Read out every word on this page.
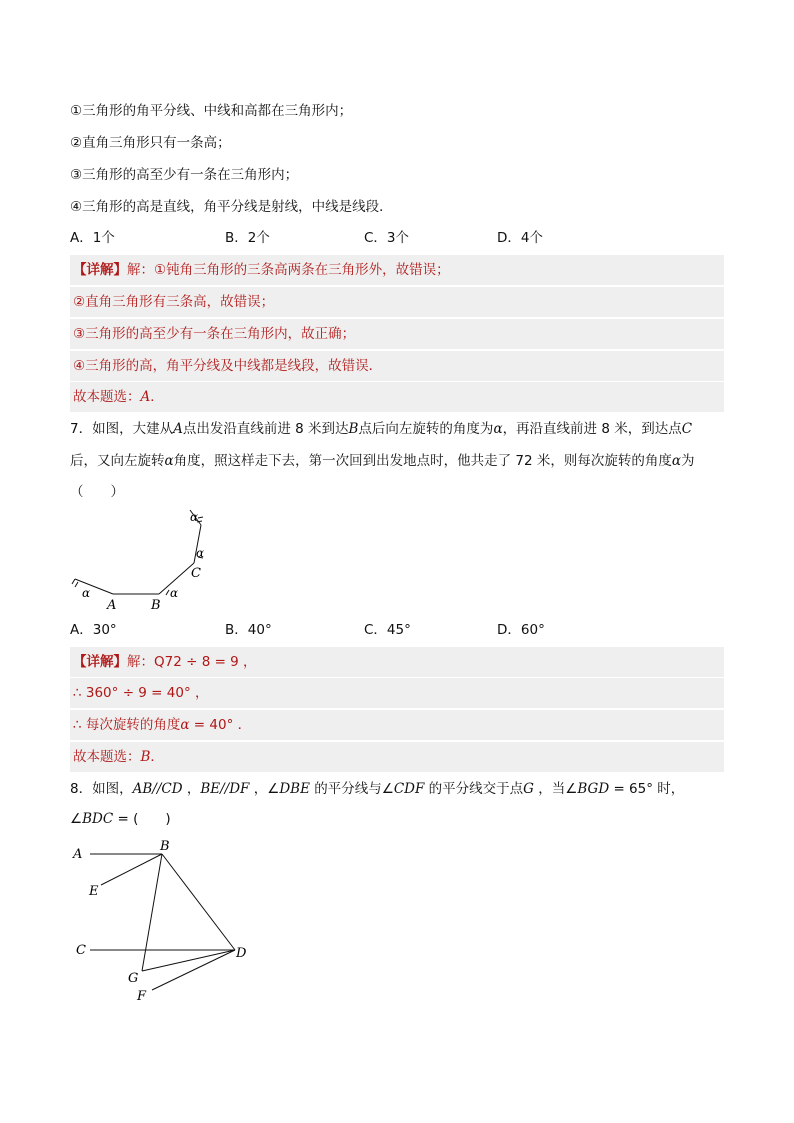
①三角形的角平分线、中线和高都在三角形内；
②直角三角形只有一条高；
③三角形的高至少有一条在三角形内；
④三角形的高是直线，角平分线是射线，中线是线段．
A．1个	B．2个	C．3个	D．4个
【详解】解：①钝角三角形的三条高两条在三角形外，故错误；
②直角三角形有三条高，故错误；
③三角形的高至少有一条在三角形内，故正确；
④三角形的高，角平分线及中线都是线段，故错误．
故本题选：A．
7．如图，大建从A点出发沿直线前进 8 米到达B点后向左旋转的角度为α，再沿直线前进 8 米，到达点C
后，又向左旋转α角度，照这样走下去，第一次回到出发地点时，他共走了 72 米，则每次旋转的角度α为
（　　）
α
A	B
α
C
α
α
A．30°	B．40°	C．45°	D．60°
【详解】解：Q72 ÷ 8 = 9 ，
∴ 360° ÷ 9 = 40° ，
∴ 每次旋转的角度α = 40° ．
故本题选：B．
8．如图，AB//CD ，BE//DF ，∠DBE 的平分线与∠CDF 的平分线交于点G ，当∠BGD = 65° 时，
∠BDC = (　　)
A
B
E
C	D
G
F
